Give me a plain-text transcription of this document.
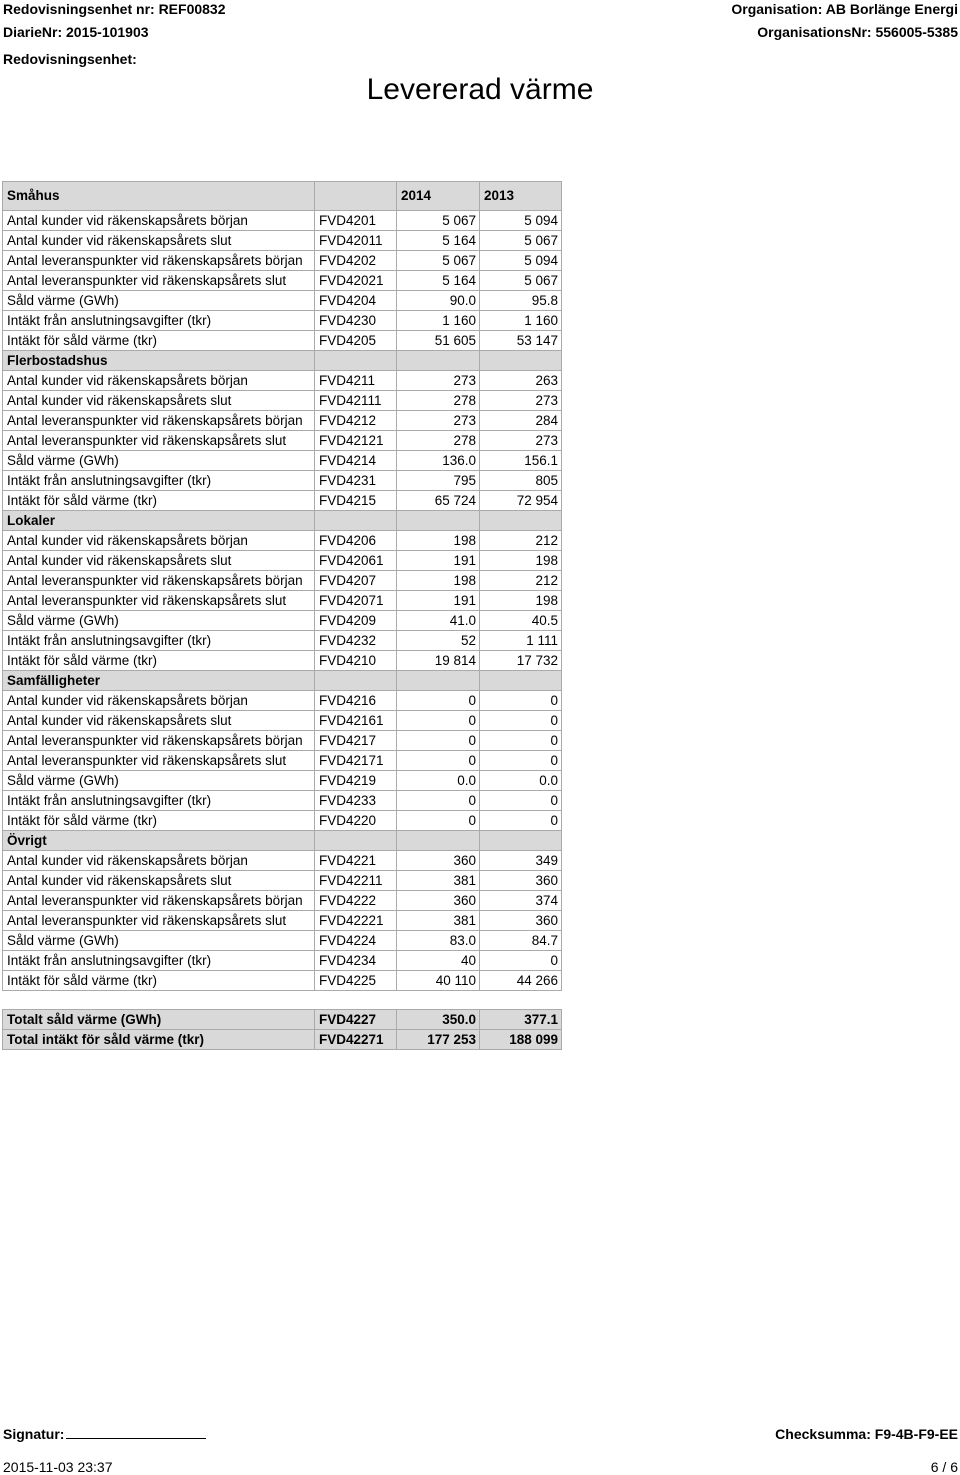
Redovisningsenhet nr: REF00832
DiarieNr: 2015-101903
Redovisningsenhet:
Organisation: AB Borlänge Energi
OrganisationsNr: 556005-5385
Levererad värme
Småhus		2014	2013
Antal kunder vid räkenskapsårets början	FVD4201	5 067	5 094
Antal kunder vid räkenskapsårets slut	FVD42011	5 164	5 067
Antal leveranspunkter vid räkenskapsårets början	FVD4202	5 067	5 094
Antal leveranspunkter vid räkenskapsårets slut	FVD42021	5 164	5 067
Såld värme (GWh)	FVD4204	90.0	95.8
Intäkt från anslutningsavgifter (tkr)	FVD4230	1 160	1 160
Intäkt för såld värme (tkr)	FVD4205	51 605	53 147
Flerbostadshus			
Antal kunder vid räkenskapsårets början	FVD4211	273	263
Antal kunder vid räkenskapsårets slut	FVD42111	278	273
Antal leveranspunkter vid räkenskapsårets början	FVD4212	273	284
Antal leveranspunkter vid räkenskapsårets slut	FVD42121	278	273
Såld värme (GWh)	FVD4214	136.0	156.1
Intäkt från anslutningsavgifter (tkr)	FVD4231	795	805
Intäkt för såld värme (tkr)	FVD4215	65 724	72 954
Lokaler			
Antal kunder vid räkenskapsårets början	FVD4206	198	212
Antal kunder vid räkenskapsårets slut	FVD42061	191	198
Antal leveranspunkter vid räkenskapsårets början	FVD4207	198	212
Antal leveranspunkter vid räkenskapsårets slut	FVD42071	191	198
Såld värme (GWh)	FVD4209	41.0	40.5
Intäkt från anslutningsavgifter (tkr)	FVD4232	52	1 111
Intäkt för såld värme (tkr)	FVD4210	19 814	17 732
Samfälligheter			
Antal kunder vid räkenskapsårets början	FVD4216	0	0
Antal kunder vid räkenskapsårets slut	FVD42161	0	0
Antal leveranspunkter vid räkenskapsårets början	FVD4217	0	0
Antal leveranspunkter vid räkenskapsårets slut	FVD42171	0	0
Såld värme (GWh)	FVD4219	0.0	0.0
Intäkt från anslutningsavgifter (tkr)	FVD4233	0	0
Intäkt för såld värme (tkr)	FVD4220	0	0
Övrigt			
Antal kunder vid räkenskapsårets början	FVD4221	360	349
Antal kunder vid räkenskapsårets slut	FVD42211	381	360
Antal leveranspunkter vid räkenskapsårets början	FVD4222	360	374
Antal leveranspunkter vid räkenskapsårets slut	FVD42221	381	360
Såld värme (GWh)	FVD4224	83.0	84.7
Intäkt från anslutningsavgifter (tkr)	FVD4234	40	0
Intäkt för såld värme (tkr)	FVD4225	40 110	44 266

Totalt såld värme (GWh)	FVD4227	350.0	377.1
Total intäkt för såld värme (tkr)	FVD42271	177 253	188 099
Signatur:	Checksumma: F9-4B-F9-EE
2015-11-03 23:37	6 / 6
